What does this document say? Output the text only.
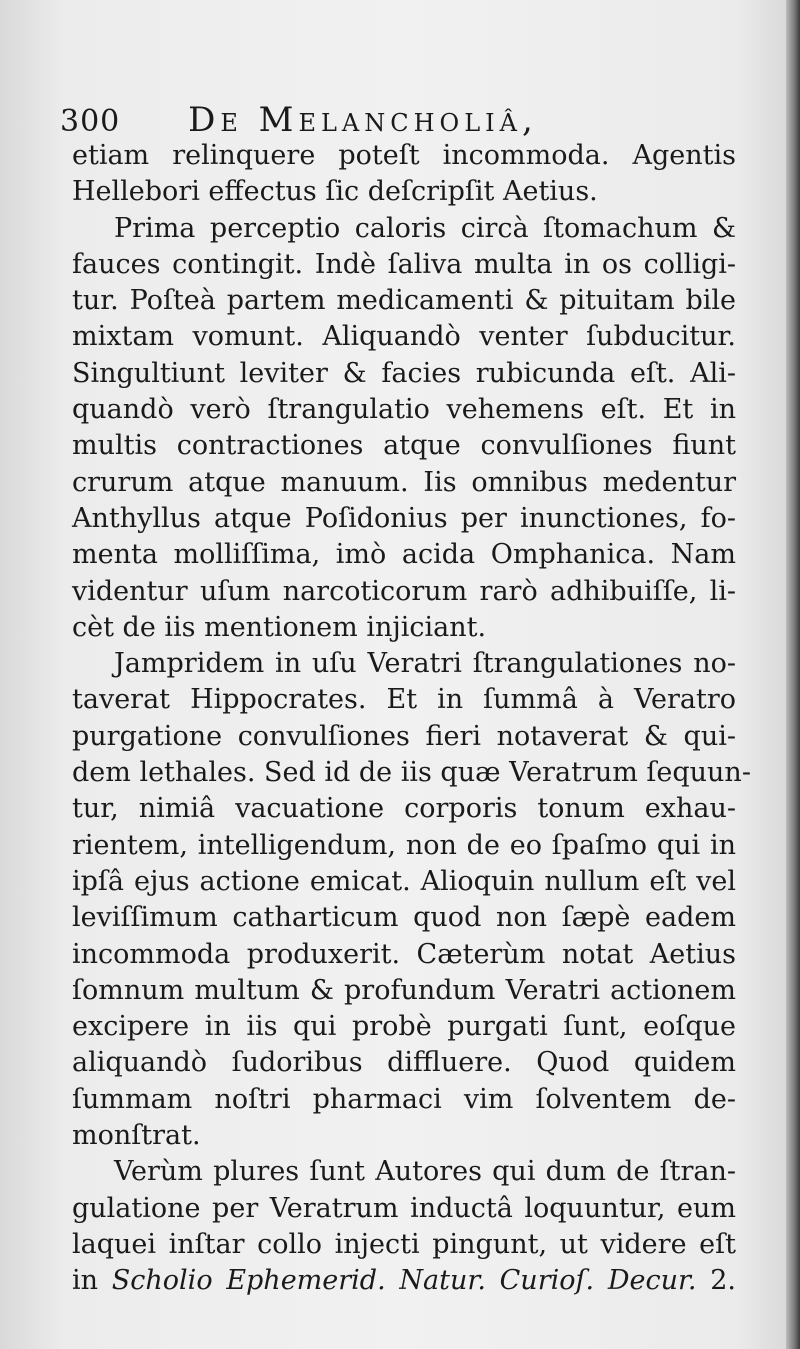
300 De Melancholiâ,
etiam relinquere poteſt incommoda. Agentis
Hellebori effectus ſic deſcripſit Aetius.
Prima perceptio caloris circà ſtomachum &
fauces contingit. Indè ſaliva multa in os colligi-
tur. Poſteà partem medicamenti & pituitam bile
mixtam vomunt. Aliquandò venter ſubducitur.
Singultiunt leviter & facies rubicunda eſt. Ali-
quandò verò ſtrangulatio vehemens eſt. Et in
multis contractiones atque convulſiones fiunt
crurum atque manuum. Iis omnibus medentur
Anthyllus atque Poſidonius per inunctiones, fo-
menta molliſſima, imò acida Omphanica. Nam
videntur uſum narcoticorum rarò adhibuiſſe, li-
cèt de iis mentionem injiciant.
Jampridem in uſu Veratri ſtrangulationes no-
taverat Hippocrates. Et in ſummâ à Veratro
purgatione convulſiones fieri notaverat & qui-
dem lethales. Sed id de iis quæ Veratrum ſequun-
tur, nimiâ vacuatione corporis tonum exhau-
rientem, intelligendum, non de eo ſpaſmo qui in
ipſâ ejus actione emicat. Alioquin nullum eſt vel
leviſſimum catharticum quod non ſæpè eadem
incommoda produxerit. Cæterùm notat Aetius
ſomnum multum & profundum Veratri actionem
excipere in iis qui probè purgati ſunt, eoſque
aliquandò ſudoribus diffluere. Quod quidem
ſummam noſtri pharmaci vim ſolventem de-
monſtrat.
Verùm plures ſunt Autores qui dum de ſtran-
gulatione per Veratrum inductâ loquuntur, eum
laquei inſtar collo injecti pingunt, ut videre eſt
in Scholio Ephemerid. Natur. Curioſ. Decur. 2.
